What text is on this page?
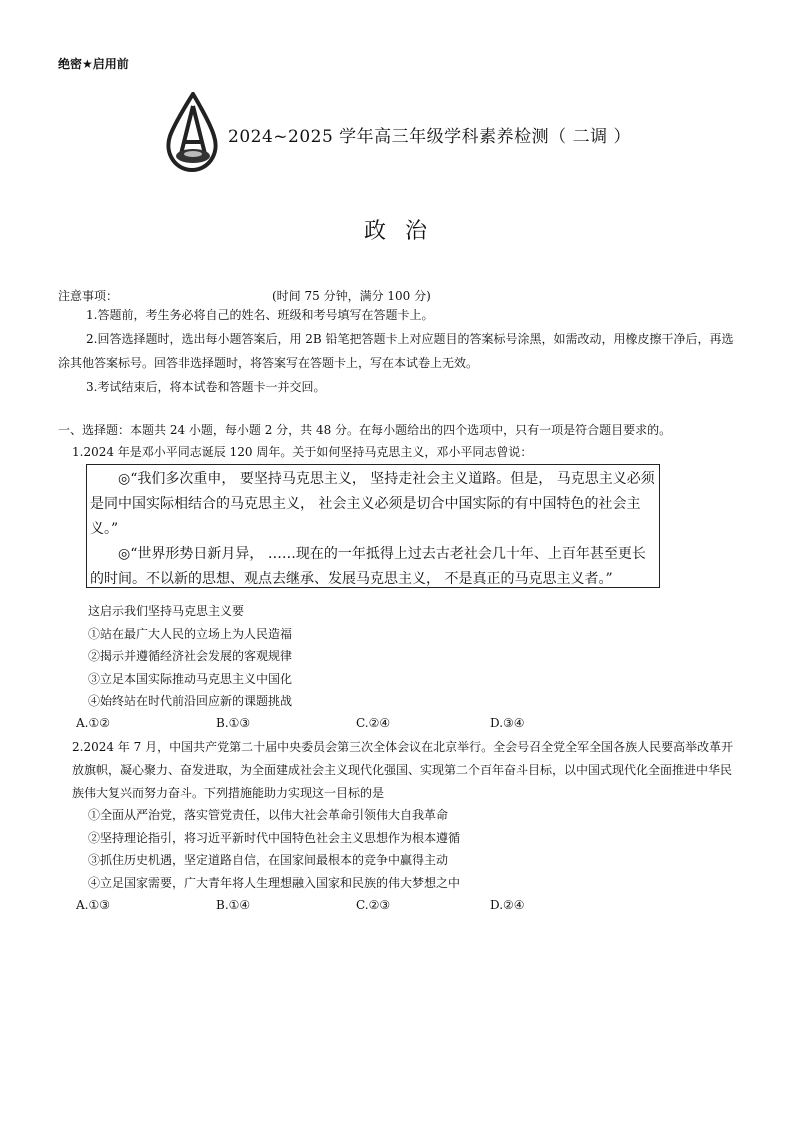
绝密★启用前
2024~2025 学年高三年级学科素养检测（ 二调 ）
政 治
注意事项：	(时间 75 分钟，满分 100 分)
1.答题前，考生务必将自己的姓名、班级和考号填写在答题卡上。
2.回答选择题时，选出每小题答案后，用 2B 铅笔把答题卡上对应题目的答案标号涂黑，如需改动，用橡皮擦干净后，再选涂其他答案标号。回答非选择题时，将答案写在答题卡上，写在本试卷上无效。
3.考试结束后，将本试卷和答题卡一并交回。
一、选择题：本题共 24 小题，每小题 2 分，共 48 分。在每小题给出的四个选项中，只有一项是符合题目要求的。
1.2024 年是邓小平同志诞辰 120 周年。关于如何坚持马克思主义，邓小平同志曾说：
◎“我们多次重申， 要坚持马克思主义， 坚持走社会主义道路。但是， 马克思主义必须是同中国实际相结合的马克思主义， 社会主义必须是切合中国实际的有中国特色的社会主义。”
◎“世界形势日新月异， ……现在的一年抵得上过去古老社会几十年、上百年甚至更长的时间。不以新的思想、观点去继承、发展马克思主义， 不是真正的马克思主义者。”
这启示我们坚持马克思主义要
①站在最广大人民的立场上为人民造福
②揭示并遵循经济社会发展的客观规律
③立足本国实际推动马克思主义中国化
④始终站在时代前沿回应新的课题挑战
A.①②	B.①③	C.②④	D.③④
2.2024 年 7 月，中国共产党第二十届中央委员会第三次全体会议在北京举行。全会号召全党全军全国各族人民要高举改革开放旗帜，凝心聚力、奋发进取，为全面建成社会主义现代化强国、实现第二个百年奋斗目标，以中国式现代化全面推进中华民族伟大复兴而努力奋斗。下列措施能助力实现这一目标的是
①全面从严治党，落实管党责任，以伟大社会革命引领伟大自我革命
②坚持理论指引，将习近平新时代中国特色社会主义思想作为根本遵循
③抓住历史机遇，坚定道路自信，在国家间最根本的竞争中赢得主动
④立足国家需要，广大青年将人生理想融入国家和民族的伟大梦想之中
A.①③	B.①④	C.②③	D.②④
